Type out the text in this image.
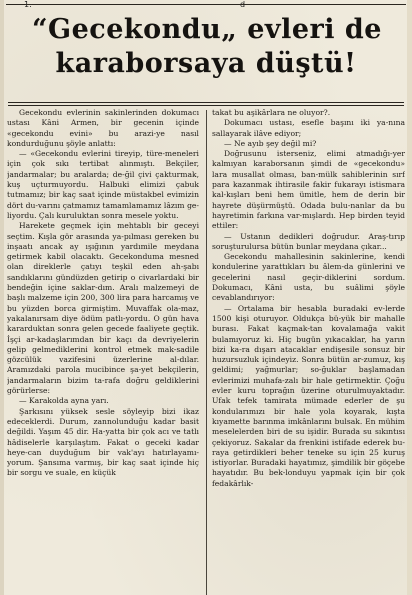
“Gecekondu„ evleri de
karaborsaya düştü!

Gecekondu evlerinin sakinlerinden dokumacı ustası Kâni Armen, bir gecenin içinde «gecekondu evini» bu arazi-ye nasıl kondurduğunu şöyle anlattı:

— «Gecekondu evlerini tireyip, türe-meneleri için çok sıkı tertibat alınmıştı. Bekçiler, jandarmalar; bu aralarda; de-ğil çivi çakturmak, kuş uçturmuyordu. Halbuki elimizi çabuk tutmamız; bir kaç saat içinde müstakbel evimizin dört du-varını çatmamız tamamlamamız lâzım ge-liyordu. Çalı kuruluktan sonra mesele yoktu.

Harekete geçmek için mehtablı bir geceyi seçtim. Kışla gör arasında ya-pılması gereken bu inşaatı ancak ay ışığının yardımile meydana getirmek kabil olacaktı. Gecekonduma mesned olan direklerle çatıyı teşkil eden ah-şabı sandıklarını gündüzden getirip o civarlardaki bir bendeğin içine saklar-dım. Aralı malzemeyi de başlı malzeme için 200, 300 lira para harcamış ve bu yüzden borca girmiştim. Muvaffak ola-maz, yakalanırsam diye ödüm patlı-yordu. O gün hava kararduktan sonra gelen gecede faaliyete geçtik. İşçi ar-kadaşlarımdan bir kaçı da devriyelerin gelip gelmediklerini kontrol etmek mak-sadile gözcülük vazifesini üzerlerine al-dılar. Aramızdaki parola mucibince şa-yet bekçilerin, jandarmaların bizim ta-rafa doğru geldiklerini görürlerse:

— Karakolda ayna yarı.

Şarkısını yüksek sesle söyleyip bizi ikaz edeceklerdi. Durum, zannolunduğu kadar basit değildi. Yaşım 45 dir. Ha-yatta bir çok acı ve tatlı hâdiselerle karşılaştım. Fakat o geceki kadar heye-can duyduğum bir vak'ayı hatırlayamı-yorum. Şansıma varmış, bir kaç saat içinde hiç bir sorgu ve suale, en küçük

takat bu aşikârlara ne oluyor?.

Dokumacı ustası, esefle başını iki ya-nına sallayarak ilâve ediyor;

— Ne ayıb şey değil mi?

Doğrusunu isterseniz, elimi atmadığı-yer kalmıyan karaborsanın şimdi de «gecekondu» lara musallat olması, ban-mülk sahiblerinin sırf para kazanmak ihtirasile fakir fukarayı istismara kal-kışları beni hem ümitle, hem de derin bir hayrete düşürmüştü. Odada bulu-nanlar da bu hayretimin farkına var-mışlardı. Hep birden teyid ettiler:

— Ustanın dedikleri doğrudur. Araş-tırıp soruşturulursa bütün bunlar meydana çıkar...

Gecekondu mahallesinin sakinlerine, kendi kondulerine yarattıkları bu âlem-da günlerini ve gecelerini nasıl geçir-diklerini sordum. Dokumacı, Kâni usta, bu suâlimi şöyle cevablandırıyor:

— Ortalama bir hesabla buradaki ev-lerde 1500 kişi oturuyor. Oldukça bü-yük bir mahalle burası. Fakat kaçmak-tan kovalamağa vakit bulamıyoruz ki. Hiç bugün yıkacaklar, ha yarın bizi ka-ra dışarı atacaklar endişesile sonsuz bir huzursuzluk içindeyiz. Sonra bütün ar-zumuz, kış geldimi; yağmurlar; so-ğuklar başlamadan evlerimizi muhafa-zalı bir hale getirmektir. Çoğu evler kuru toprağın üzerine oturulmuyaktadır. Ufak tefek tamirata mümade ederler de şu kondularımızı bir hale yola koyarak, kışta kıyamette barınma imkânlarını bulsak. En mühim meselelerden biri de su işidir. Burada su sıkıntısı çekiyoruz. Sakalar da frenkini istifade ederek bu-raya getirdikleri beher teneke su için 25 kuruş istiyorlar. Buradaki hayatımız, şimdilik bir göçebe hayatıdır. Bu bek-londuyu yapmak için bir çok fedakârlık-
